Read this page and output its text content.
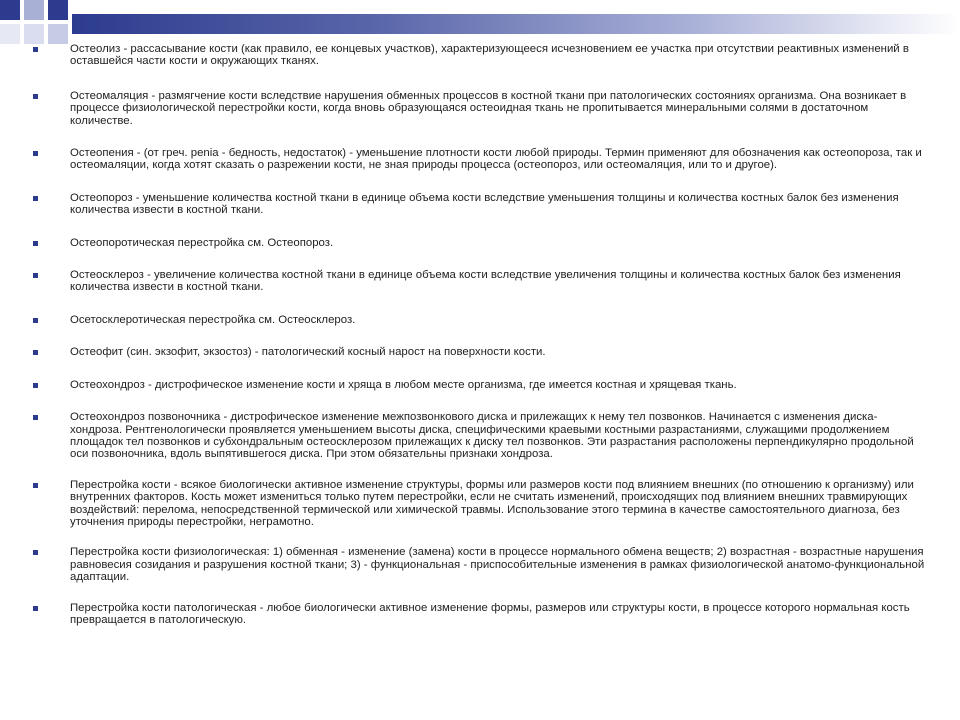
Остеолиз - рассасывание кости (как правило, ее концевых участков), характеризующееся исчезновением ее участка при отсутствии реактивных изменений в оставшейся части кости и окружающих тканях.
Остеомаляция - размягчение кости вследствие нарушения обменных процессов в костной ткани при патологических состояниях организма. Она возникает в процессе физиологической перестройки кости, когда вновь образующаяся остеоидная ткань не пропитывается минеральными солями в достаточном количестве.
Остеопения - (от греч. penia - бедность, недостаток) - уменьшение плотности кости любой природы. Термин применяют для обозначения как остеопороза, так и остеомаляции, когда хотят сказать о разрежении кости, не зная природы процесса (остеопороз, или остеомаляция, или то и другое).
Остеопороз - уменьшение количества костной ткани в единице объема кости вследствие уменьшения толщины и количества костных балок без изменения количества извести в костной ткани.
Остеопоротическая перестройка см. Остеопороз.
Остеосклероз - увеличение количества костной ткани в единице объема кости вследствие увеличения толщины и количества костных балок без изменения количества извести в костной ткани.
Осетосклеротическая перестройка см. Остеосклероз.
Остеофит (син. экзофит, экзостоз) - патологический косный нарост на поверхности кости.
Остеохондроз - дистрофическое изменение кости и хряща в любом месте организма, где имеется костная и хрящевая ткань.
Остеохондроз позвоночника - дистрофическое изменение межпозвонкового диска и прилежащих к нему тел позвонков. Начинается с изменения диска- хондроза. Рентгенологически проявляется уменьшением высоты диска, специфическими краевыми костными разрастаниями, служащими продолжением площадок тел позвонков и субхондральным остеосклерозом прилежащих к диску тел позвонков. Эти разрастания расположены перпендикулярно продольной оси позвоночника, вдоль выпятившегося диска. При этом обязательны признаки хондроза.
Перестройка кости - всякое биологически активное изменение структуры, формы или размеров кости под влиянием внешних (по отношению к организму) или внутренних факторов. Кость может измениться только путем перестройки, если не считать изменений, происходящих под влиянием внешних травмирующих воздействий: перелома, непосредственной термической или химической травмы. Использование этого термина в качестве самостоятельного диагноза, без уточнения природы перестройки, неграмотно.
Перестройка кости физиологическая: 1) обменная - изменение (замена) кости в процессе нормального обмена веществ; 2) возрастная - возрастные нарушения равновесия созидания и разрушения костной ткани; 3) - функциональная - приспособительные изменения в рамках физиологической анатомо-функциональной адаптации.
Перестройка кости патологическая - любое биологически активное изменение формы, размеров или структуры кости, в процессе которого нормальная кость превращается в патологическую.
